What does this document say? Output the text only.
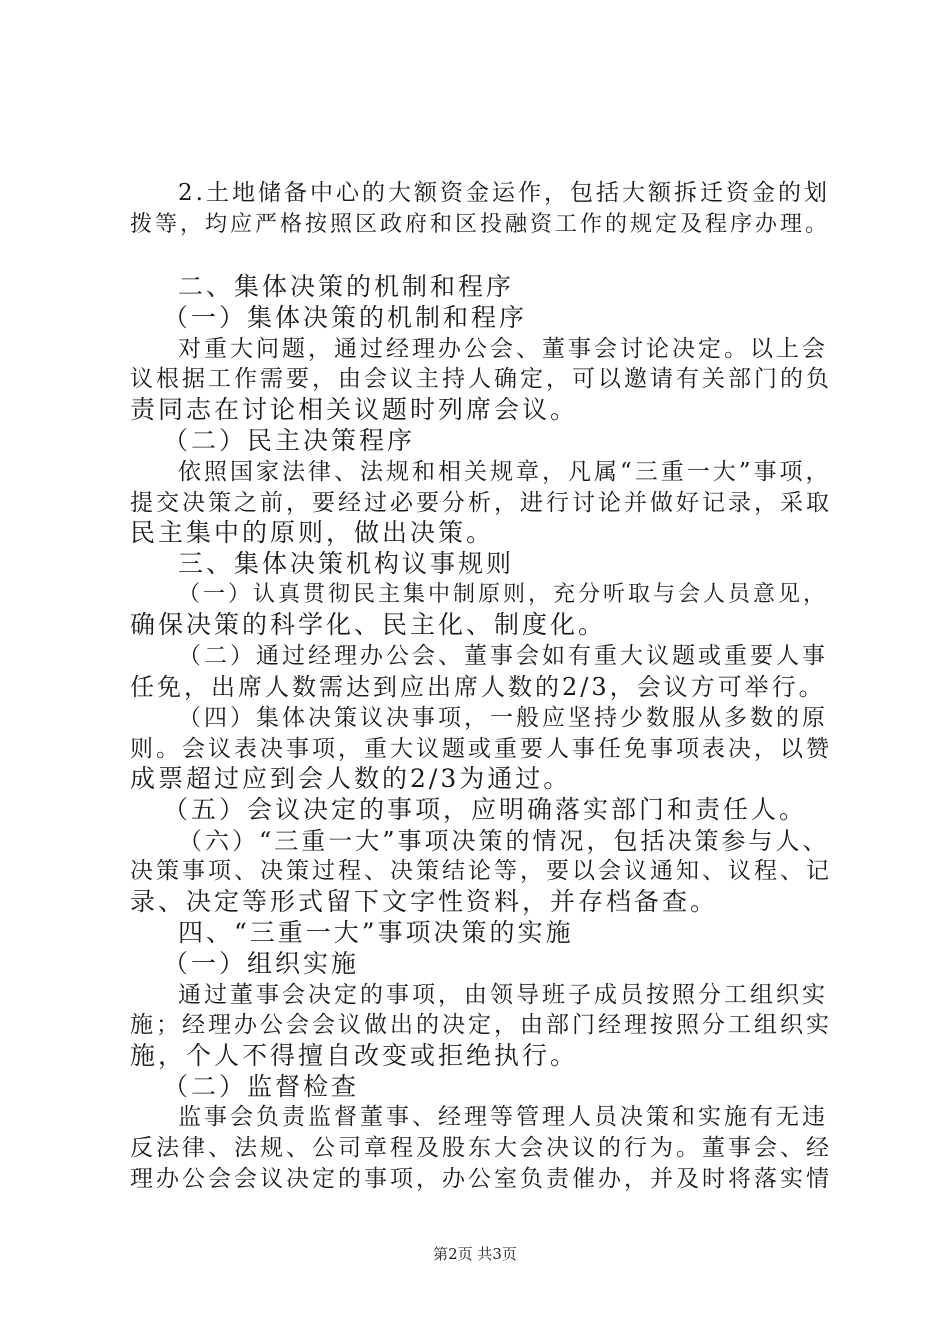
2.土地储备中心的大额资金运作，包括大额拆迁资金的划
拨等，均应严格按照区政府和区投融资工作的规定及程序办理。
二、集体决策的机制和程序
（一）集体决策的机制和程序
对重大问题，通过经理办公会、董事会讨论决定。以上会
议根据工作需要，由会议主持人确定，可以邀请有关部门的负
责同志在讨论相关议题时列席会议。
（二）民主决策程序
依照国家法律、法规和相关规章，凡属“三重一大”事项，
提交决策之前，要经过必要分析，进行讨论并做好记录，采取
民主集中的原则，做出决策。
三、集体决策机构议事规则
（一）认真贯彻民主集中制原则，充分听取与会人员意见，
确保决策的科学化、民主化、制度化。
（二）通过经理办公会、董事会如有重大议题或重要人事
任免，出席人数需达到应出席人数的2/3，会议方可举行。
（四）集体决策议决事项，一般应坚持少数服从多数的原
则。会议表决事项，重大议题或重要人事任免事项表决，以赞
成票超过应到会人数的2/3为通过。
（五）会议决定的事项，应明确落实部门和责任人。
（六）“三重一大”事项决策的情况，包括决策参与人、
决策事项、决策过程、决策结论等，要以会议通知、议程、记
录、决定等形式留下文字性资料，并存档备查。
四、“三重一大”事项决策的实施
（一）组织实施
通过董事会决定的事项，由领导班子成员按照分工组织实
施；经理办公会会议做出的决定，由部门经理按照分工组织实
施，个人不得擅自改变或拒绝执行。
（二）监督检查
监事会负责监督董事、经理等管理人员决策和实施有无违
反法律、法规、公司章程及股东大会决议的行为。董事会、经
理办公会会议决定的事项，办公室负责催办，并及时将落实情
第2页 共3页
